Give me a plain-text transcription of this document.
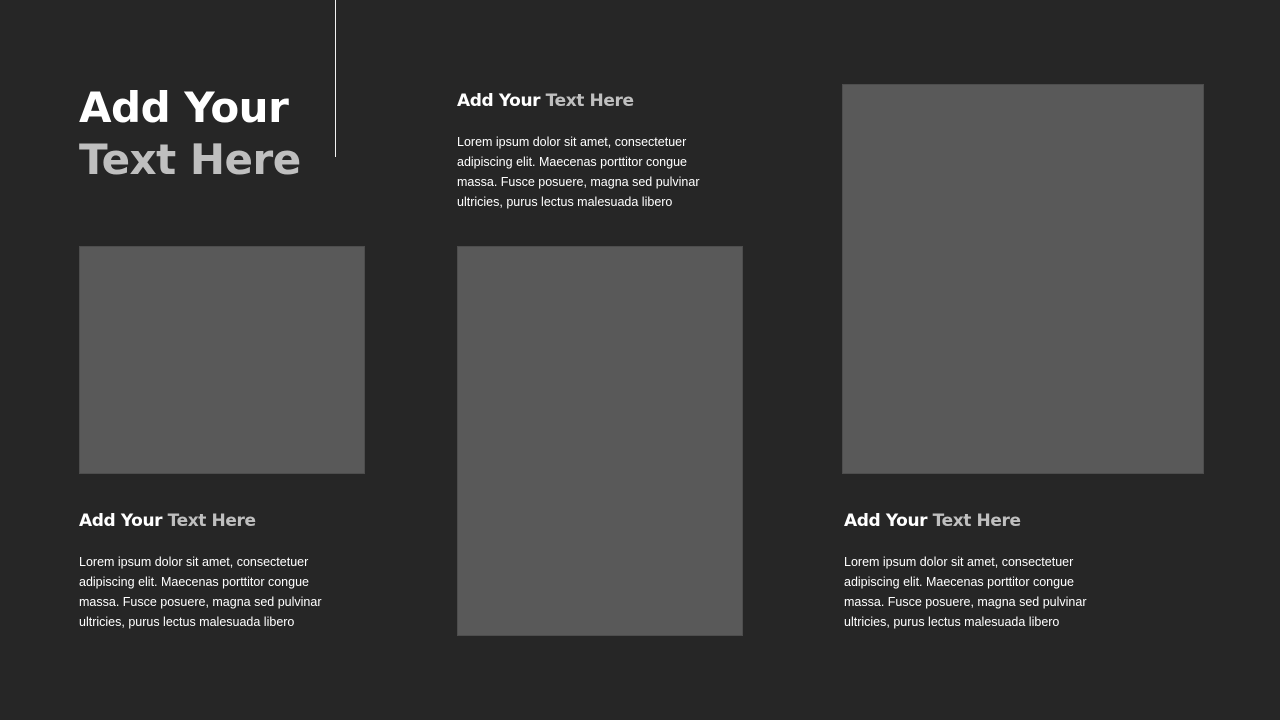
Add Your
Text Here
Add Your Text Here

Lorem ipsum dolor sit amet, consectetuer adipiscing elit. Maecenas porttitor congue massa. Fusce posuere, magna sed pulvinar ultricies, purus lectus malesuada libero

Add Your Text Here

Lorem ipsum dolor sit amet, consectetuer adipiscing elit. Maecenas porttitor congue massa. Fusce posuere, magna sed pulvinar ultricies, purus lectus malesuada libero

Add Your Text Here

Lorem ipsum dolor sit amet, consectetuer adipiscing elit. Maecenas porttitor congue massa. Fusce posuere, magna sed pulvinar ultricies, purus lectus malesuada libero
